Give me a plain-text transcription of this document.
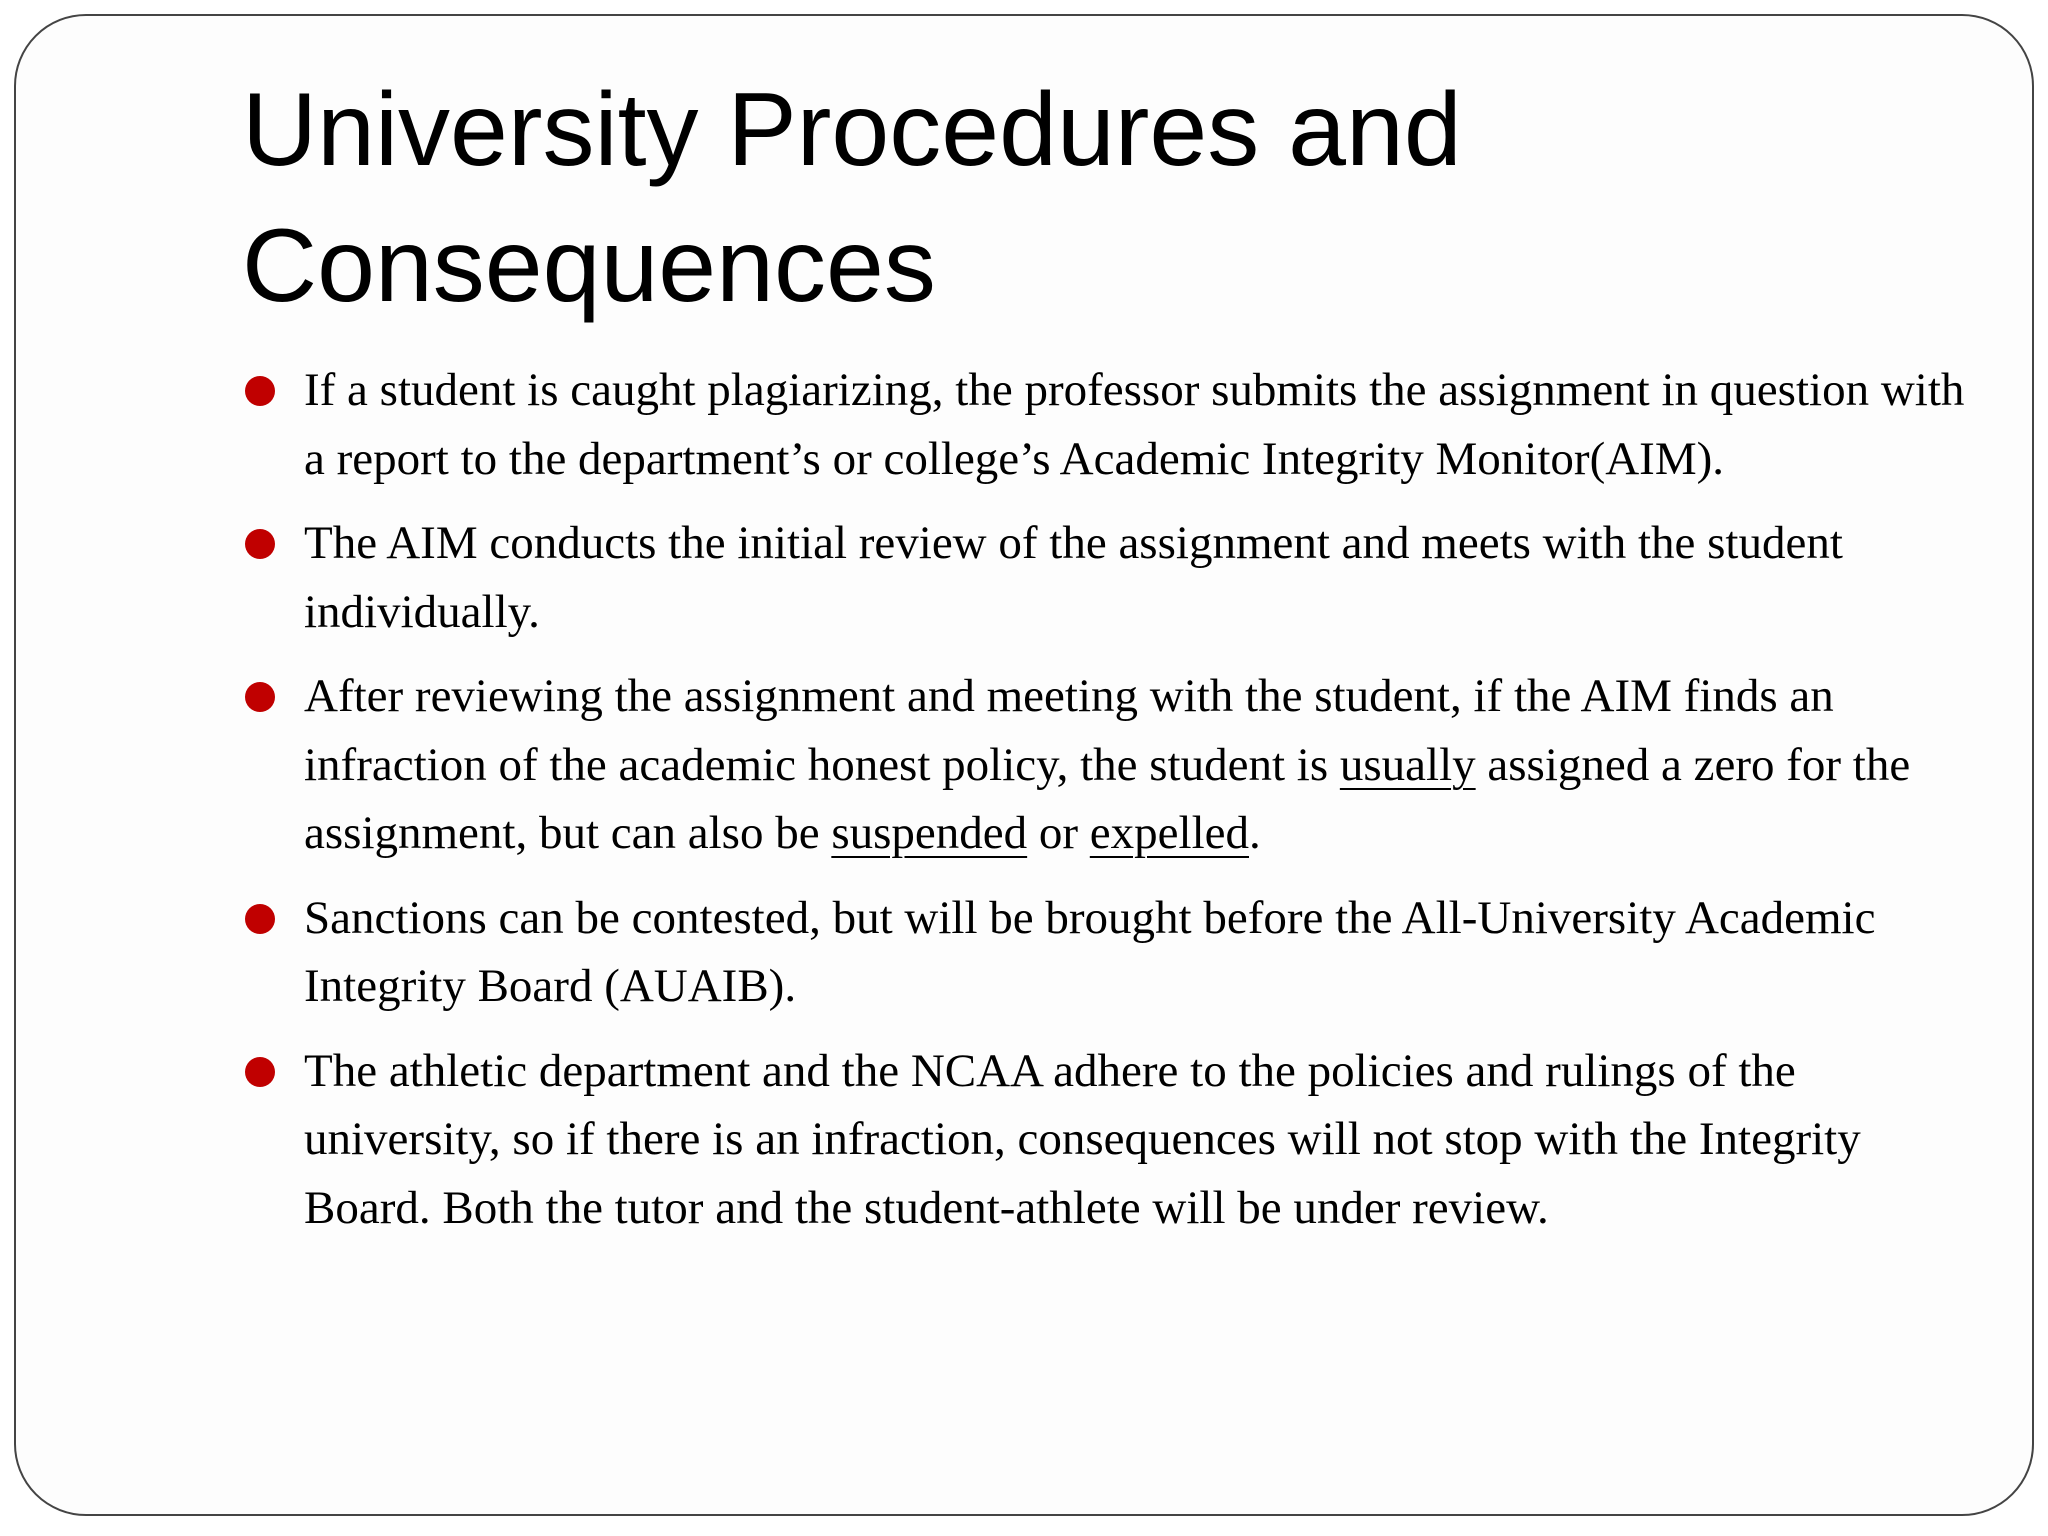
University Procedures and
Consequences
If a student is caught plagiarizing, the professor submits the assignment in question with a report to the department’s or college’s Academic Integrity Monitor(AIM).
The AIM conducts the initial review of the assignment and meets with the student individually.
After reviewing the assignment and meeting with the student, if the AIM finds an infraction of the academic honest policy, the student is usually assigned a zero for the assignment, but can also be suspended or expelled.
Sanctions can be contested, but will be brought before the All-University Academic Integrity Board (AUAIB).
The athletic department and the NCAA adhere to the policies and rulings of the university, so if there is an infraction, consequences will not stop with the Integrity Board. Both the tutor and the student-athlete will be under review.
